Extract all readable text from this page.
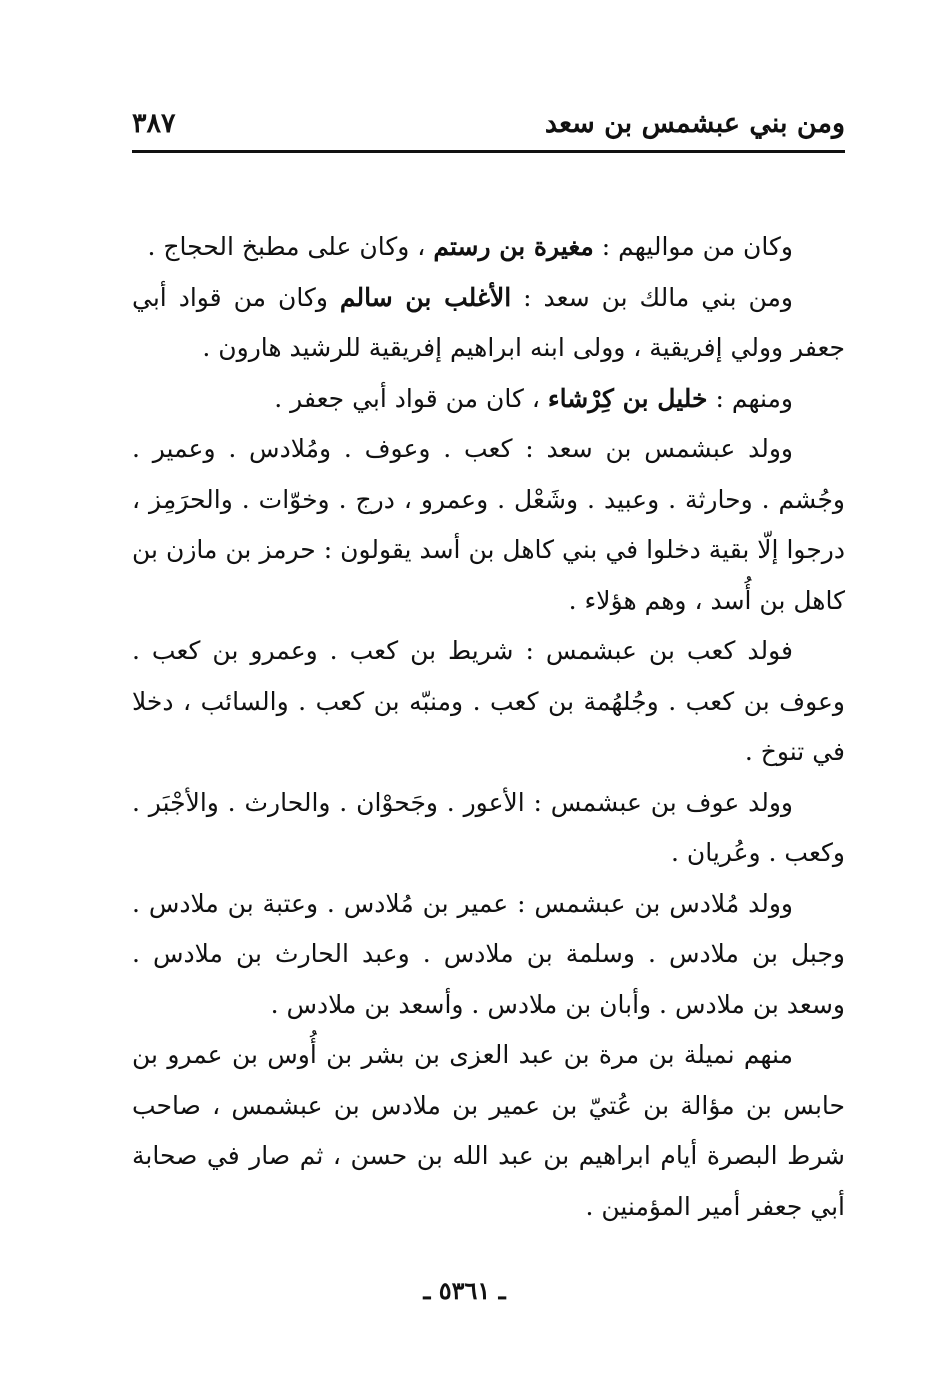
ومن بني عبشمس بن سعد
٣٨٧

وكان من مواليهم : مغيرة بن رستم ، وكان على مطبخ الحجاج .

ومن بني مالك بن سعد : الأغلب بن سالم وكان من قواد أبي جعفر وولي إفريقية ، وولى ابنه ابراهيم إفريقية للرشيد هارون .

ومنهم : خليل بن كِرْشاء ، كان من قواد أبي جعفر .

وولد عبشمس بن سعد : كعب . وعوف . ومُلادس . وعمير . وجُشم . وحارثة . وعبيد . وشَعْل . وعمرو ، درج . وخوّات . والحرَمِز ، درجوا إلّا بقية دخلوا في بني كاهل بن أسد يقولون : حرمز بن مازن بن كاهل بن أُسد ، وهم هؤلاء .

فولد كعب بن عبشمس : شريط بن كعب . وعمرو بن كعب . وعوف بن كعب . وجُلهُمة بن كعب . ومنبّه بن كعب . والسائب ، دخلا في تنوخ .

وولد عوف بن عبشمس : الأعور . وجَحوْان . والحارث . والأجْبَر . وكعب . وعُريان .

وولد مُلادس بن عبشمس : عمير بن مُلادس . وعتبة بن ملادس . وجبل بن ملادس . وسلمة بن ملادس . وعبد الحارث بن ملادس . وسعد بن ملادس . وأبان بن ملادس . وأسعد بن ملادس .

منهم نميلة بن مرة بن عبد العزى بن بشر بن أُوس بن عمرو بن حابس بن مؤالة بن عُتيّ بن عمير بن ملادس بن عبشمس ، صاحب شرط البصرة أيام ابراهيم بن عبد الله بن حسن ، ثم صار في صحابة أبي جعفر أمير المؤمنين .

ـ ٥٣٦١ ـ
